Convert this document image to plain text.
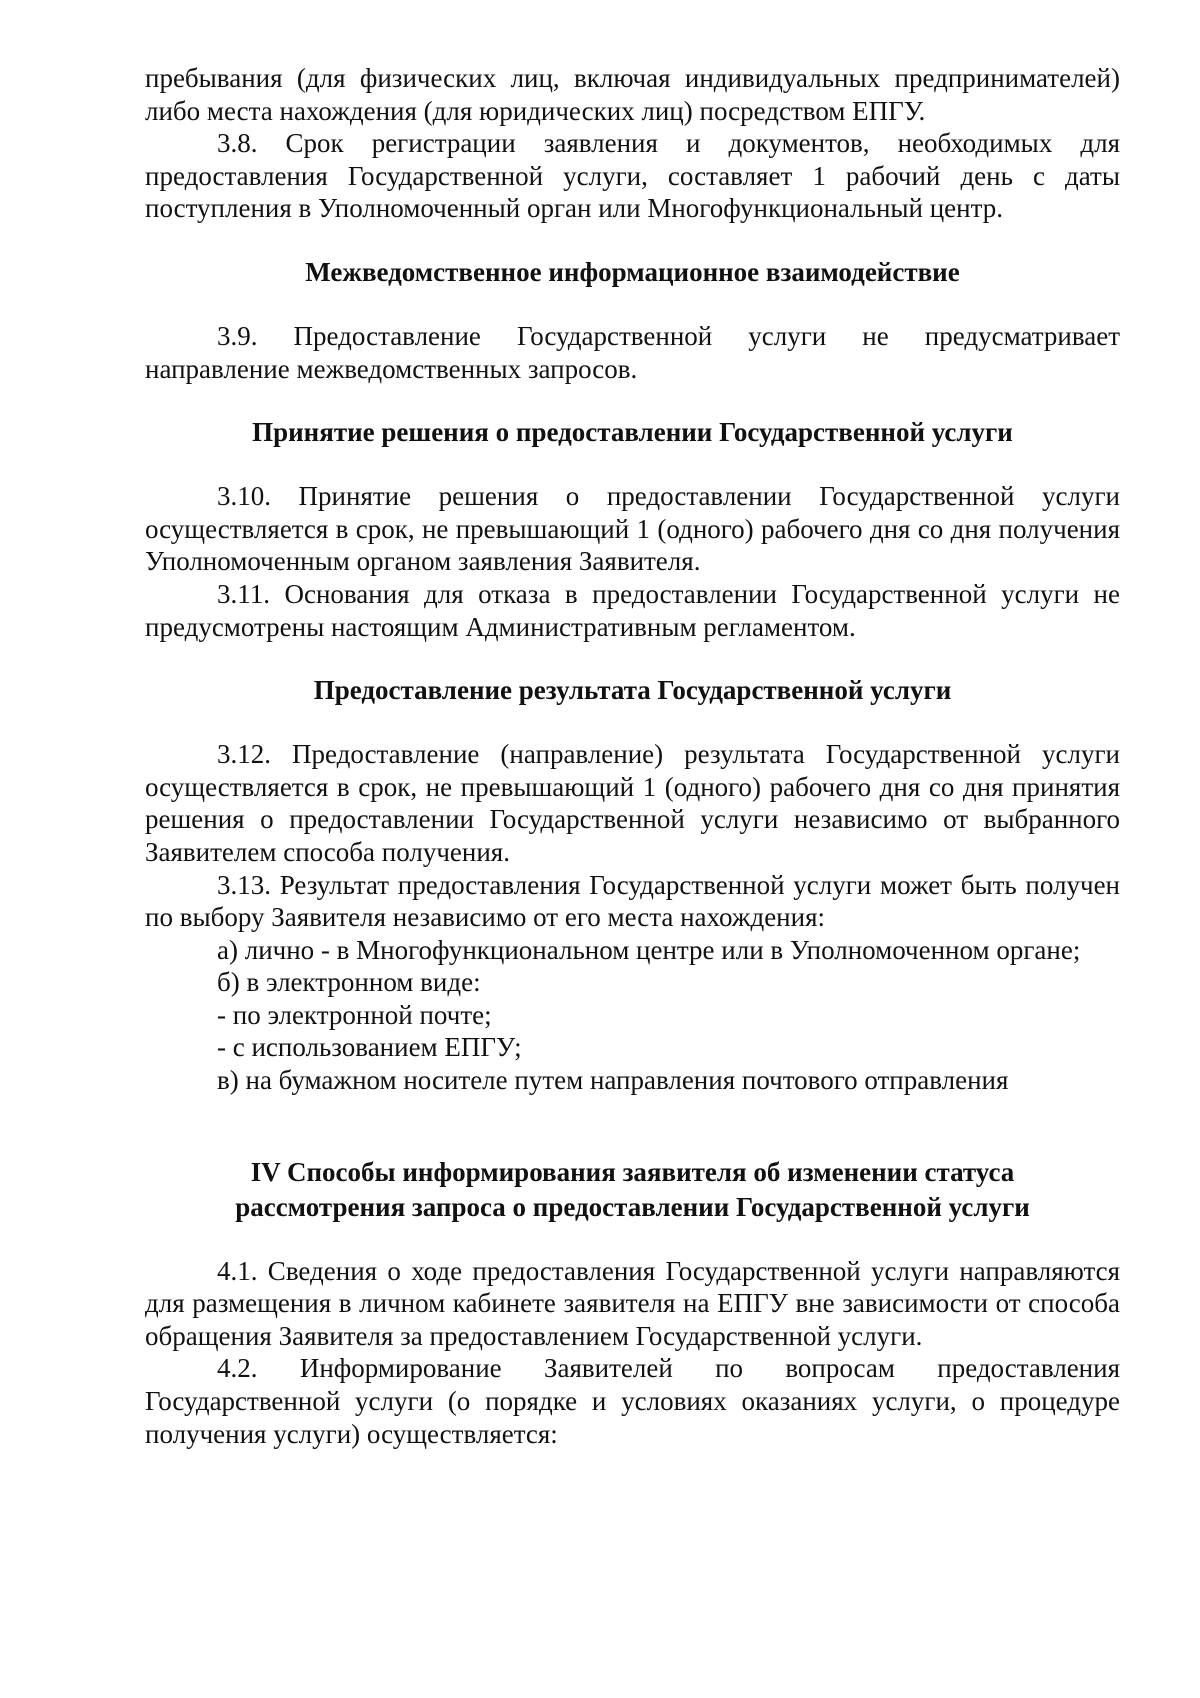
пребывания (для физических лиц, включая индивидуальных предпринимателей) либо места нахождения (для юридических лиц) посредством ЕПГУ.

3.8. Срок регистрации заявления и документов, необходимых для предоставления Государственной услуги, составляет 1 рабочий день с даты поступления в Уполномоченный орган или Многофункциональный центр.

Межведомственное информационное взаимодействие

3.9. Предоставление Государственной услуги не предусматривает направление межведомственных запросов.

Принятие решения о предоставлении Государственной услуги

3.10. Принятие решения о предоставлении Государственной услуги осуществляется в срок, не превышающий 1 (одного) рабочего дня со дня получения Уполномоченным органом заявления Заявителя.

3.11. Основания для отказа в предоставлении Государственной услуги не предусмотрены настоящим Административным регламентом.

Предоставление результата Государственной услуги

3.12. Предоставление (направление) результата Государственной услуги осуществляется в срок, не превышающий 1 (одного) рабочего дня со дня принятия решения о предоставлении Государственной услуги независимо от выбранного Заявителем способа получения.

3.13. Результат предоставления Государственной услуги может быть получен по выбору Заявителя независимо от его места нахождения:

а) лично - в Многофункциональном центре или в Уполномоченном органе;

б) в электронном виде:

- по электронной почте;

- с использованием ЕПГУ;

в) на бумажном носителе путем направления почтового отправления

IV Способы информирования заявителя об изменении статуса

рассмотрения запроса о предоставлении Государственной услуги

4.1. Сведения о ходе предоставления Государственной услуги направляются для размещения в личном кабинете заявителя на ЕПГУ вне зависимости от способа обращения Заявителя за предоставлением Государственной услуги.

4.2. Информирование Заявителей по вопросам предоставления Государственной услуги (о порядке и условиях оказаниях услуги, о процедуре получения услуги) осуществляется:
